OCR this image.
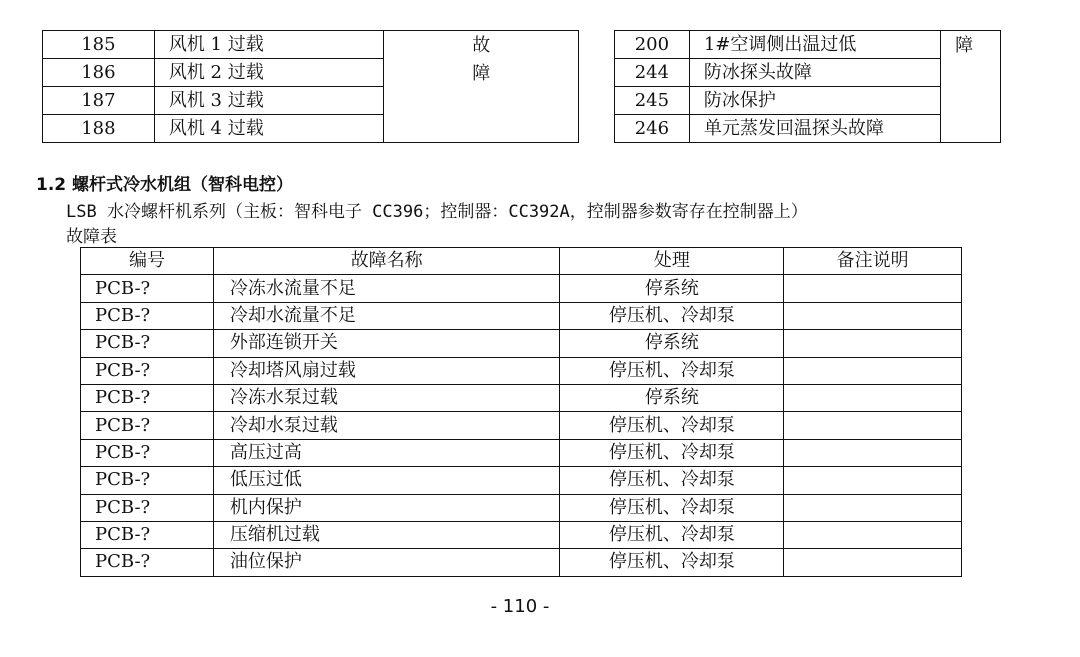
185	风机 1 过载	故
障

186	风机 2 过载	
187	风机 3 过载	
188	风机 4 过载	
200	1#空调侧出温过低	障
244	防冰探头故障	
245	防冰保护	
246	单元蒸发回温探头故障	
1.2 螺杆式冷水机组（智科电控）
LSB 水冷螺杆机系列（主板：智科电子 CC396；控制器：CC392A，控制器参数寄存在控制器上）
故障表
编号	故障名称	处理	备注说明
PCB-?	冷冻水流量不足	停系统	
PCB-?	冷却水流量不足	停压机、冷却泵	
PCB-?	外部连锁开关	停系统	
PCB-?	冷却塔风扇过载	停压机、冷却泵	
PCB-?	冷冻水泵过载	停系统	
PCB-?	冷却水泵过载	停压机、冷却泵	
PCB-?	高压过高	停压机、冷却泵	
PCB-?	低压过低	停压机、冷却泵	
PCB-?	机内保护	停压机、冷却泵	
PCB-?	压缩机过载	停压机、冷却泵	
PCB-?	油位保护	停压机、冷却泵	
- 110 -
